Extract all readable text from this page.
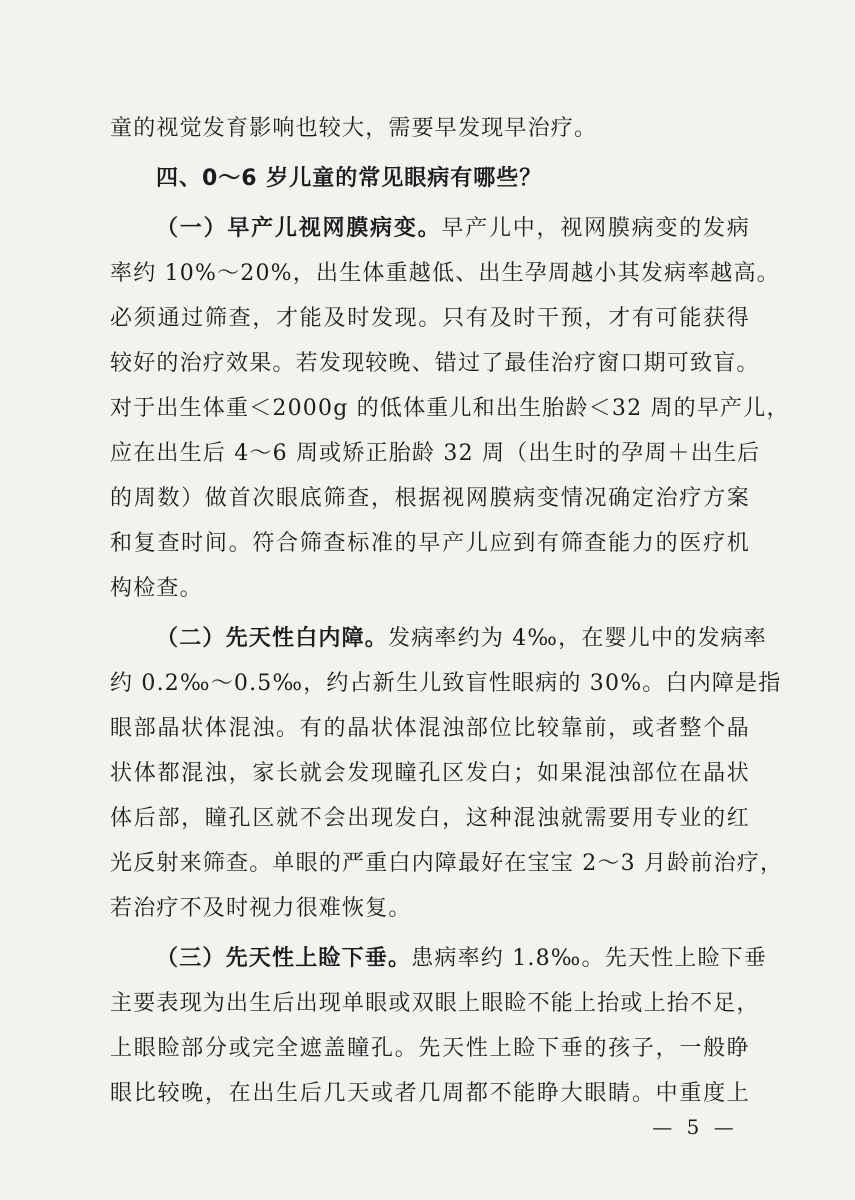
童的视觉发育影响也较大，需要早发现早治疗。
四、0～6 岁儿童的常见眼病有哪些？
（一）早产儿视网膜病变。早产儿中，视网膜病变的发病
率约 10%～20%，出生体重越低、出生孕周越小其发病率越高。
必须通过筛查，才能及时发现。只有及时干预，才有可能获得
较好的治疗效果。若发现较晚、错过了最佳治疗窗口期可致盲。
对于出生体重＜2000g 的低体重儿和出生胎龄＜32 周的早产儿，
应在出生后 4～6 周或矫正胎龄 32 周（出生时的孕周＋出生后
的周数）做首次眼底筛查，根据视网膜病变情况确定治疗方案
和复查时间。符合筛查标准的早产儿应到有筛查能力的医疗机
构检查。
（二）先天性白内障。发病率约为 4‰，在婴儿中的发病率
约 0.2‰～0.5‰，约占新生儿致盲性眼病的 30%。白内障是指
眼部晶状体混浊。有的晶状体混浊部位比较靠前，或者整个晶
状体都混浊，家长就会发现瞳孔区发白；如果混浊部位在晶状
体后部，瞳孔区就不会出现发白，这种混浊就需要用专业的红
光反射来筛查。单眼的严重白内障最好在宝宝 2～3 月龄前治疗，
若治疗不及时视力很难恢复。
（三）先天性上睑下垂。患病率约 1.8‰。先天性上睑下垂
主要表现为出生后出现单眼或双眼上眼睑不能上抬或上抬不足，
上眼睑部分或完全遮盖瞳孔。先天性上睑下垂的孩子，一般睁
眼比较晚，在出生后几天或者几周都不能睁大眼睛。中重度上
— 5 —
